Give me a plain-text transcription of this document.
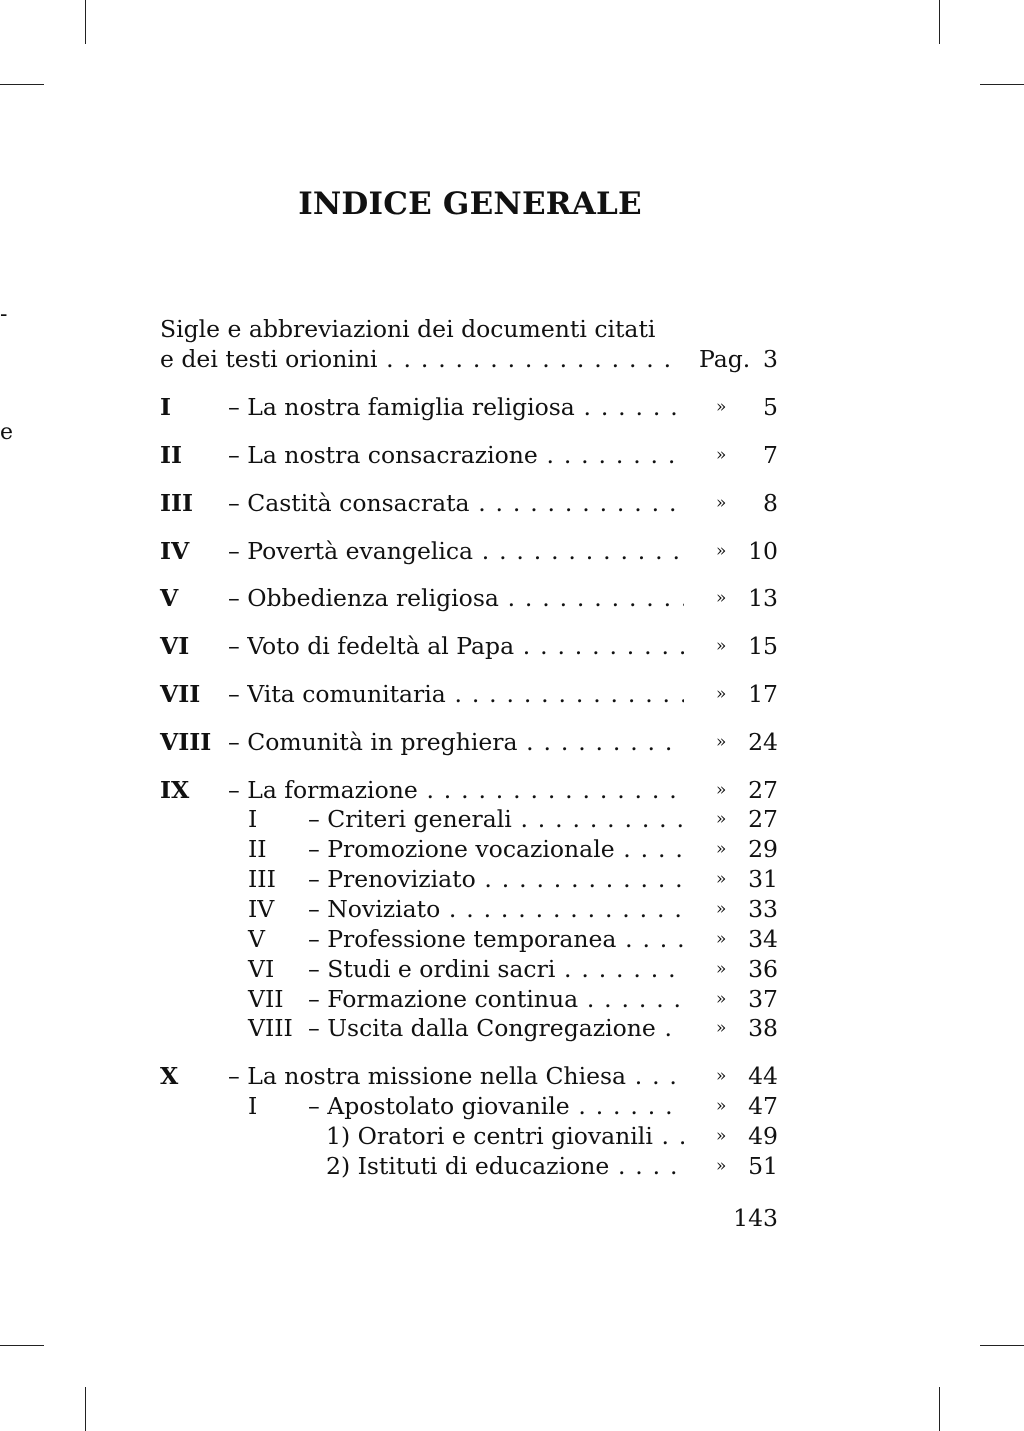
-
e
INDICE GENERALE
Sigle e abbreviazioni dei documenti citati
e dei testi orionini . . .	Pag. 3
I – La nostra famiglia religiosa . . .	» 5
II – La nostra consacrazione . . .	» 7
III – Castità consacrata . . .	» 8
IV – Povertà evangelica . . .	» 10
V – Obbedienza religiosa . . .	» 13
VI – Voto di fedeltà al Papa . . .	» 15
VII – Vita comunitaria . . .	» 17
VIII – Comunità in preghiera . . .	» 24
IX – La formazione . . .	» 27
I – Criteri generali . . .	» 27
II – Promozione vocazionale . . .	» 29
III – Prenoviziato . . .	» 31
IV – Noviziato . . .	» 33
V – Professione temporanea . . .	» 34
VI – Studi e ordini sacri . . .	» 36
VII – Formazione continua . . .	» 37
VIII – Uscita dalla Congregazione . . .	» 38
X – La nostra missione nella Chiesa . . .	» 44
I – Apostolato giovanile . . .	» 47
1) Oratori e centri giovanili . . .	» 49
2) Istituti di educazione . . .	» 51
143
